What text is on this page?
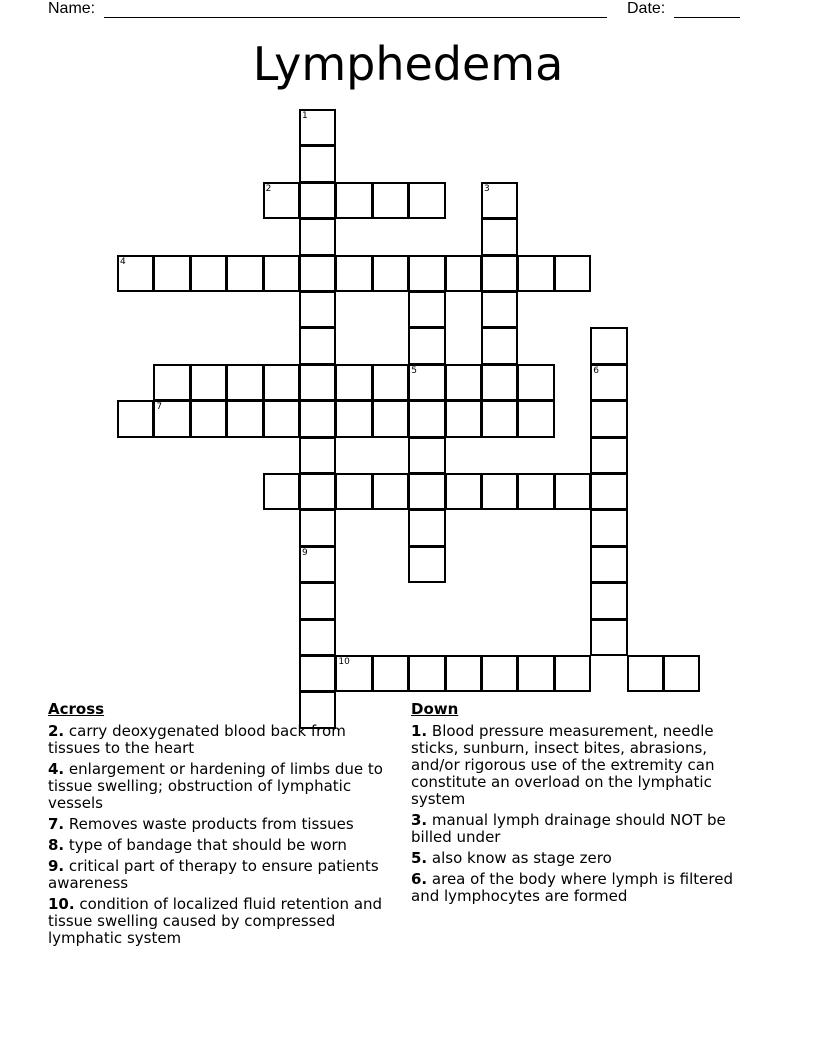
Name:	Date:
Lymphedema
1
2	3
4
5
7
9
6
10
Across
2. carry deoxygenated blood back from tissues to the heart
4. enlargement or hardening of limbs due to tissue swelling; obstruction of lymphatic vessels
7. Removes waste products from tissues
8. type of bandage that should be worn
9. critical part of therapy to ensure patients awareness
10. condition of localized fluid retention and tissue swelling caused by compressed lymphatic system
Down
1. Blood pressure measurement, needle sticks, sunburn, insect bites, abrasions, and/or rigorous use of the extremity can constitute an overload on the lymphatic system
3. manual lymph drainage should NOT be billed under
5. also know as stage zero
6. area of the body where lymph is filtered and lymphocytes are formed
